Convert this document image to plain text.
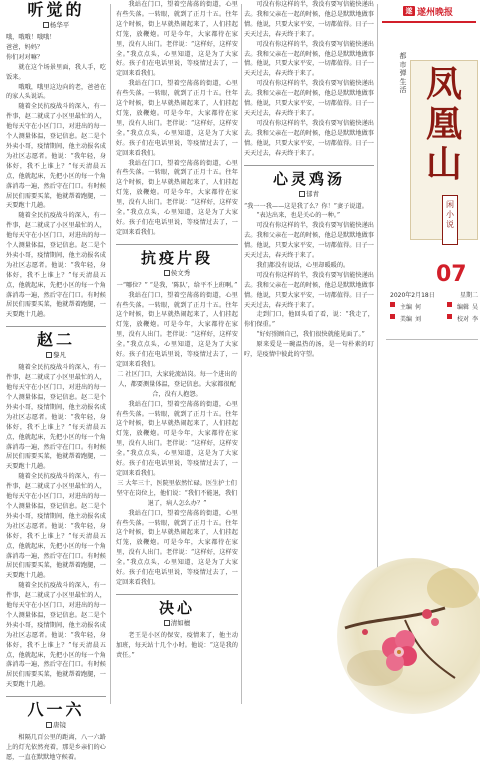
听觉的
杨华平

哦，哦哦！哦哦！

爸爸，妈妈？

你们对对嘛？

就在这个场景里面，我人手，吃饭来。

哦哦，哦里这边向的老，爸爸在的家人头说话。

随着全民抗疫战斗的深入，有一件事，赵二就成了小区里最忙的人，他每天守在小区门口，对进出的每一个人测量体温，登记信息。赵二是个外卖小哥，疫情期间，他主动报名成为社区志愿者。他说：“我年轻，身体好，我不上谁上？”每天清晨五点，他就起床，先把小区的每一个角落消毒一遍，然后守在门口。有时候居民们需要买菜，他就帮着跑腿，一天要跑十几趟。

随着全民抗疫战斗的深入，有一件事，赵二就成了小区里最忙的人，他每天守在小区门口，对进出的每一个人测量体温，登记信息。赵二是个外卖小哥，疫情期间，他主动报名成为社区志愿者。他说：“我年轻，身体好，我不上谁上？”每天清晨五点，他就起床，先把小区的每一个角落消毒一遍，然后守在门口。有时候居民们需要买菜，他就帮着跑腿，一天要跑十几趟。

赵二
黎凡

随着全民抗疫战斗的深入，有一件事，赵二就成了小区里最忙的人，他每天守在小区门口，对进出的每一个人测量体温，登记信息。赵二是个外卖小哥，疫情期间，他主动报名成为社区志愿者。他说：“我年轻，身体好，我不上谁上？”每天清晨五点，他就起床，先把小区的每一个角落消毒一遍，然后守在门口。有时候居民们需要买菜，他就帮着跑腿，一天要跑十几趟。

随着全民抗疫战斗的深入，有一件事，赵二就成了小区里最忙的人，他每天守在小区门口，对进出的每一个人测量体温，登记信息。赵二是个外卖小哥，疫情期间，他主动报名成为社区志愿者。他说：“我年轻，身体好，我不上谁上？”每天清晨五点，他就起床，先把小区的每一个角落消毒一遍，然后守在门口。有时候居民们需要买菜，他就帮着跑腿，一天要跑十几趟。

随着全民抗疫战斗的深入，有一件事，赵二就成了小区里最忙的人，他每天守在小区门口，对进出的每一个人测量体温，登记信息。赵二是个外卖小哥，疫情期间，他主动报名成为社区志愿者。他说：“我年轻，身体好，我不上谁上？”每天清晨五点，他就起床，先把小区的每一个角落消毒一遍，然后守在门口。有时候居民们需要买菜，他就帮着跑腿，一天要跑十几趟。

八一六
唐镜

相隔几百公里的距离，八一六路上的灯光依然亮着，那是乡亲们的心愿，一直在默默地守候着。

我站在门口，望着空荡荡的街道，心里有些失落。一转眼，就到了正月十五。往年这个时候，街上早就热闹起来了，人们挂起灯笼，放鞭炮。可是今年，大家都待在家里，没有人出门。老伴说：“这样好，这样安全。”我点点头，心里知道，这是为了大家好。孩子们在电话里说，等疫情过去了，一定回来看我们。

我站在门口，望着空荡荡的街道，心里有些失落。一转眼，就到了正月十五。往年这个时候，街上早就热闹起来了，人们挂起灯笼，放鞭炮。可是今年，大家都待在家里，没有人出门。老伴说：“这样好，这样安全。”我点点头，心里知道，这是为了大家好。孩子们在电话里说，等疫情过去了，一定回来看我们。

我站在门口，望着空荡荡的街道，心里有些失落。一转眼，就到了正月十五。往年这个时候，街上早就热闹起来了，人们挂起灯笼，放鞭炮。可是今年，大家都待在家里，没有人出门。老伴说：“这样好，这样安全。”我点点头，心里知道，这是为了大家好。孩子们在电话里说，等疫情过去了，一定回来看我们。

抗疫片段
侯文秀

一“哪位？” “是我，‘陈队’，给平不上班啊。”

我站在门口，望着空荡荡的街道，心里有些失落。一转眼，就到了正月十五。往年这个时候，街上早就热闹起来了，人们挂起灯笼，放鞭炮。可是今年，大家都待在家里，没有人出门。老伴说：“这样好，这样安全。”我点点头，心里知道，这是为了大家好。孩子们在电话里说，等疫情过去了，一定回来看我们。

二 社区门口，大家轮流站岗。每一个进出的人，都要测量体温，登记信息。大家都很配合，没有人抱怨。

我站在门口，望着空荡荡的街道，心里有些失落。一转眼，就到了正月十五。往年这个时候，街上早就热闹起来了，人们挂起灯笼，放鞭炮。可是今年，大家都待在家里，没有人出门。老伴说：“这样好，这样安全。”我点点头，心里知道，这是为了大家好。孩子们在电话里说，等疫情过去了，一定回来看我们。

三 大年三十，医院里依然忙碌。医生护士们坚守在岗位上，他们说：“我们不能退，我们退了，病人怎么办？”

我站在门口，望着空荡荡的街道，心里有些失落。一转眼，就到了正月十五。往年这个时候，街上早就热闹起来了，人们挂起灯笼，放鞭炮。可是今年，大家都待在家里，没有人出门。老伴说：“这样好，这样安全。”我点点头，心里知道，这是为了大家好。孩子们在电话里说，等疫情过去了，一定回来看我们。

决心
清如檀

老王是小区的保安，疫情来了，他主动加班，每天站十几个小时。他说：“这是我的责任。”

可没有你这样的半，我没有要写信能快递出去。我和父亲在一起的时候，他总是默默地做事情。他说，只要大家平安，一切都值得。日子一天天过去，春天终于来了。

可没有你这样的半，我没有要写信能快递出去。我和父亲在一起的时候，他总是默默地做事情。他说，只要大家平安，一切都值得。日子一天天过去，春天终于来了。

可没有你这样的半，我没有要写信能快递出去。我和父亲在一起的时候，他总是默默地做事情。他说，只要大家平安，一切都值得。日子一天天过去，春天终于来了。

可没有你这样的半，我没有要写信能快递出去。我和父亲在一起的时候，他总是默默地做事情。他说，只要大家平安，一切都值得。日子一天天过去，春天终于来了。

心灵鸡汤
郁青

“我一一我——这是我了么？你！”妻子说道。

“表达出来，也是关心的一种。”

可没有你这样的半，我没有要写信能快递出去。我和父亲在一起的时候，他总是默默地做事情。他说，只要大家平安，一切都值得。日子一天天过去，春天终于来了。

我们都没有说话，心里却暖暖的。

可没有你这样的半，我没有要写信能快递出去。我和父亲在一起的时候，他总是默默地做事情。他说，只要大家平安，一切都值得。日子一天天过去，春天终于来了。

走到门口，他回头看了看，说：“我走了，你们保重。”

“好好照顾自己，我们很快就能见面了。”

原来爱是一碗温热的汤，是一句朴素的叮咛，是疫情中彼此的守望。

遂 遂州晚报
都市弹生活 凤凰山
闲小说
07
2020年2月18日	星期二
主编 何	编辑 吴
美编 刘	校对 李
